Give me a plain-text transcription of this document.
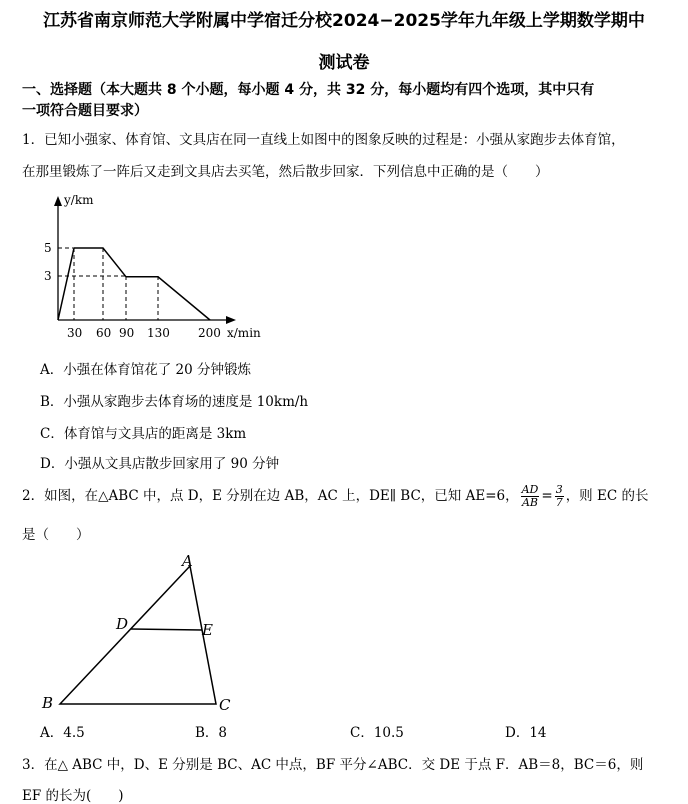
江苏省南京师范大学附属中学宿迁分校2024−2025学年九年级上学期数学期中
测试卷
一、选择题（本大题共 8 个小题，每小题 4 分，共 32 分，每小题均有四个选项，其中只有
一项符合题目要求）
1．已知小强家、体育馆、文具店在同一直线上如图中的图象反映的过程是：小强从家跑步去体育馆，
在那里锻炼了一阵后又走到文具店去买笔，然后散步回家．下列信息中正确的是（　　）
y/km
x/min
5
3
30 60 90 130 200
A．小强在体育馆花了 20 分钟锻炼
B．小强从家跑步去体育场的速度是 10km/h
C．体育馆与文具店的距离是 3km
D．小强从文具店散步回家用了 90 分钟
2．如图，在△ABC 中，点 D，E 分别在边 AB，AC 上，DE∥ BC，已知 AE=6， $\frac{AD}{AB} = \frac{3}{7}$ ，则 EC 的长
是（　　）
A
D	E
B	C
A．4.5	B．8	C．10.5	D．14
3．在△ ABC 中，D、E 分别是 BC、AC 中点，BF 平分∠ABC．交 DE 于点 F．AB＝8，BC＝6，则
EF 的长为(　　)
